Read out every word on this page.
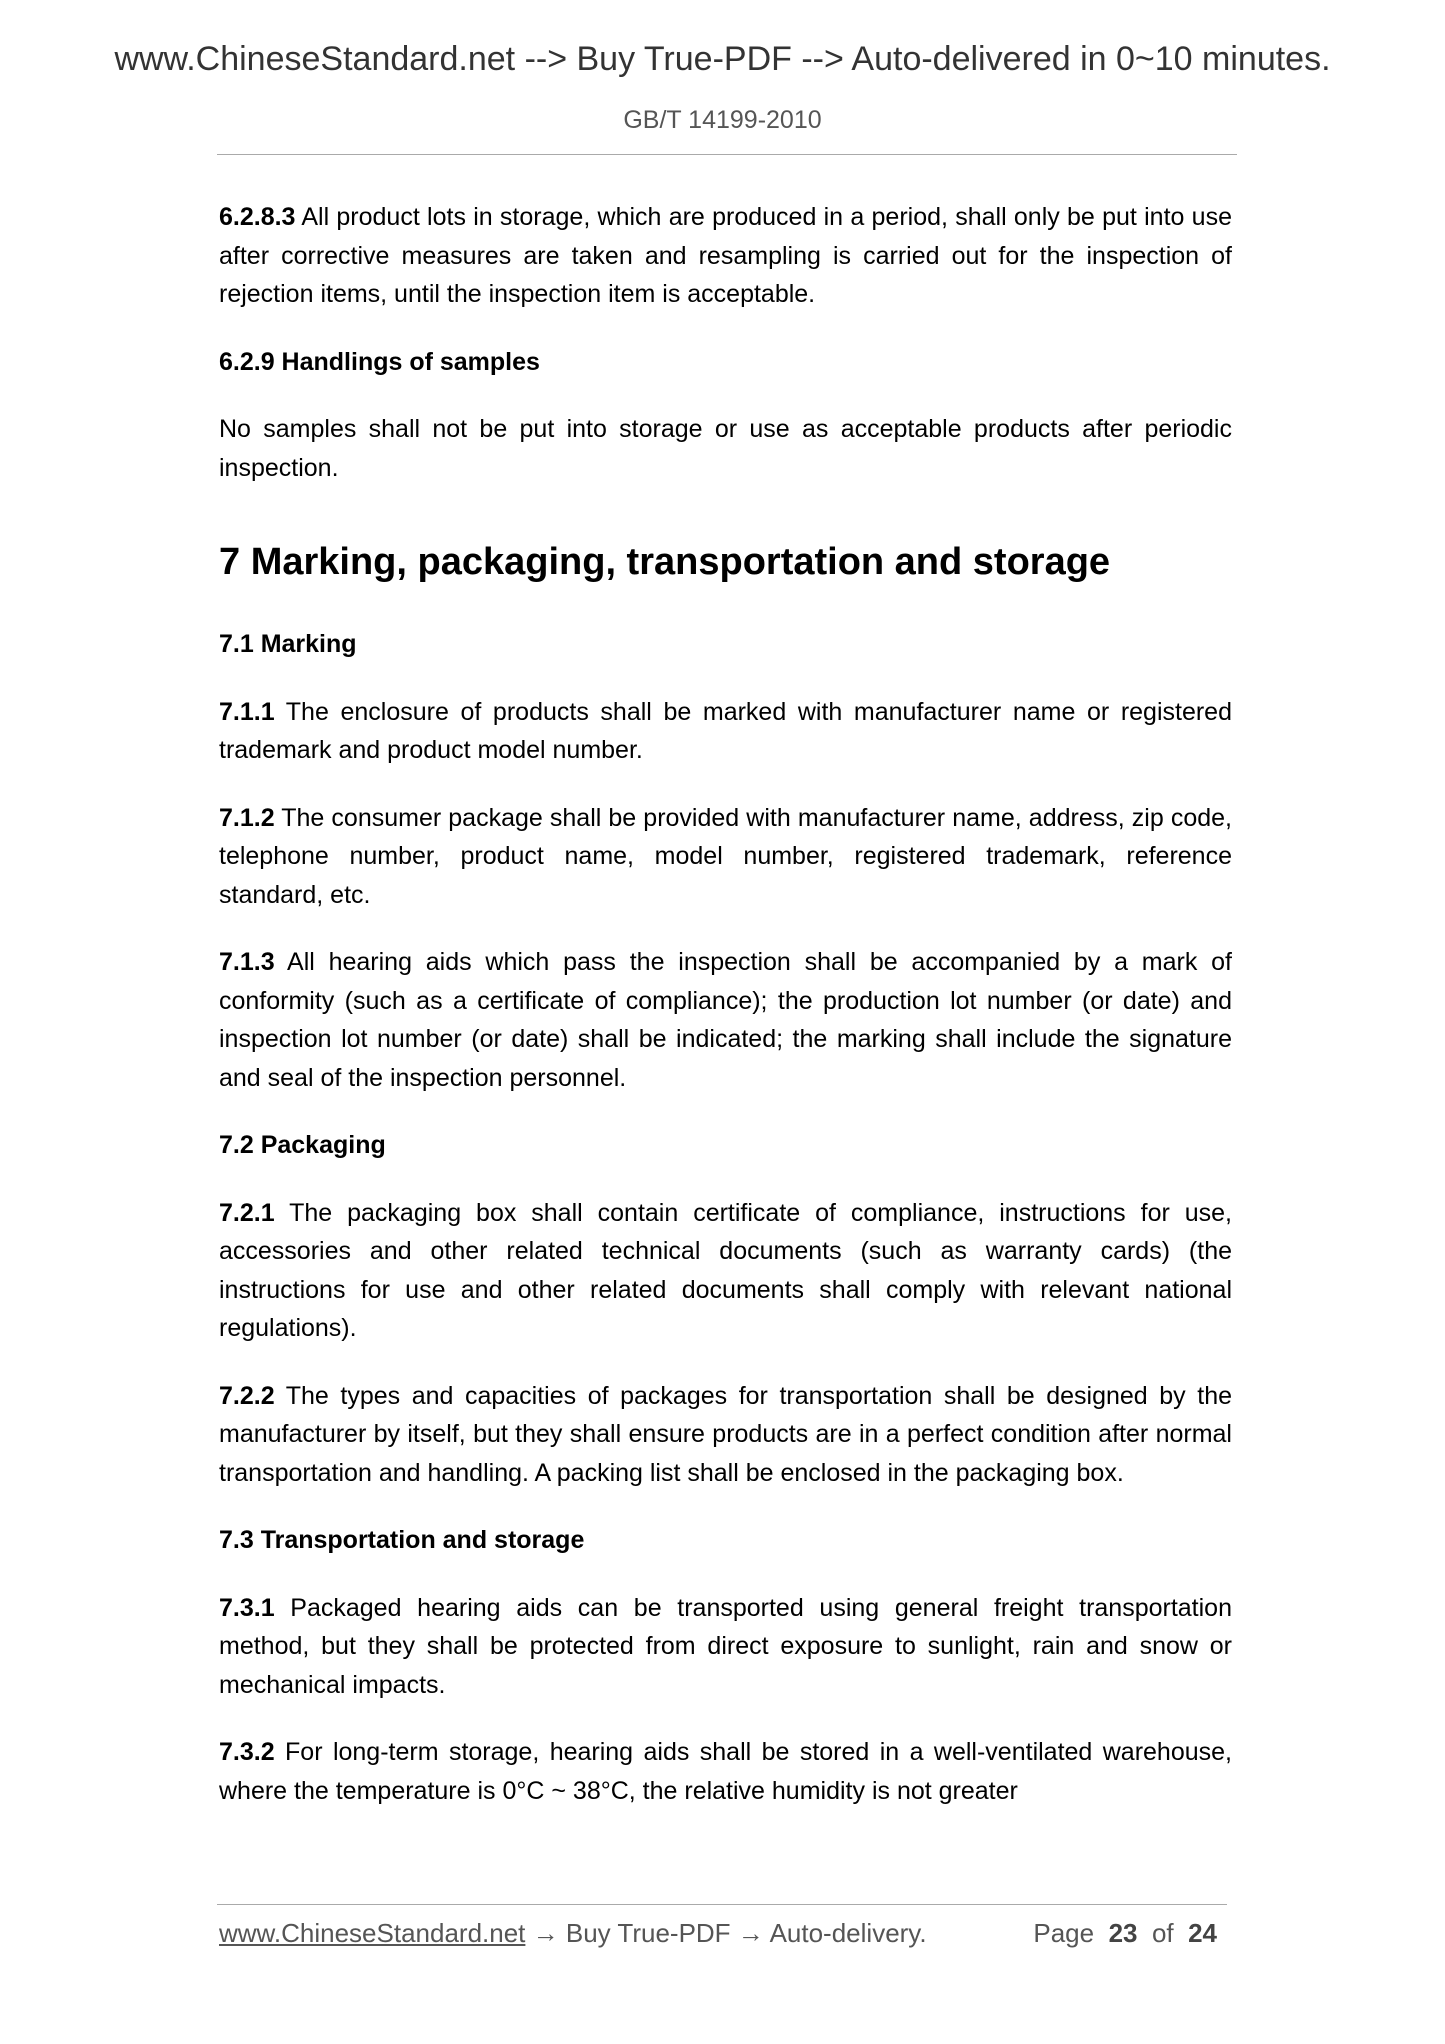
www.ChineseStandard.net --> Buy True-PDF --> Auto-delivered in 0~10 minutes.
GB/T 14199-2010

6.2.8.3 All product lots in storage, which are produced in a period, shall only be put into use after corrective measures are taken and resampling is carried out for the inspection of rejection items, until the inspection item is acceptable.

6.2.9 Handlings of samples

No samples shall not be put into storage or use as acceptable products after periodic inspection.

7 Marking, packaging, transportation and storage
7.1 Marking

7.1.1 The enclosure of products shall be marked with manufacturer name or registered trademark and product model number.

7.1.2 The consumer package shall be provided with manufacturer name, address, zip code, telephone number, product name, model number, registered trademark, reference standard, etc.

7.1.3 All hearing aids which pass the inspection shall be accompanied by a mark of conformity (such as a certificate of compliance); the production lot number (or date) and inspection lot number (or date) shall be indicated; the marking shall include the signature and seal of the inspection personnel.

7.2 Packaging

7.2.1 The packaging box shall contain certificate of compliance, instructions for use, accessories and other related technical documents (such as warranty cards) (the instructions for use and other related documents shall comply with relevant national regulations).

7.2.2 The types and capacities of packages for transportation shall be designed by the manufacturer by itself, but they shall ensure products are in a perfect condition after normal transportation and handling. A packing list shall be enclosed in the packaging box.

7.3 Transportation and storage

7.3.1 Packaged hearing aids can be transported using general freight transportation method, but they shall be protected from direct exposure to sunlight, rain and snow or mechanical impacts.

7.3.2 For long-term storage, hearing aids shall be stored in a well-ventilated warehouse, where the temperature is 0°C ~ 38°C, the relative humidity is not greater

www.ChineseStandard.net → Buy True-PDF → Auto-delivery.	Page 23 of 24
